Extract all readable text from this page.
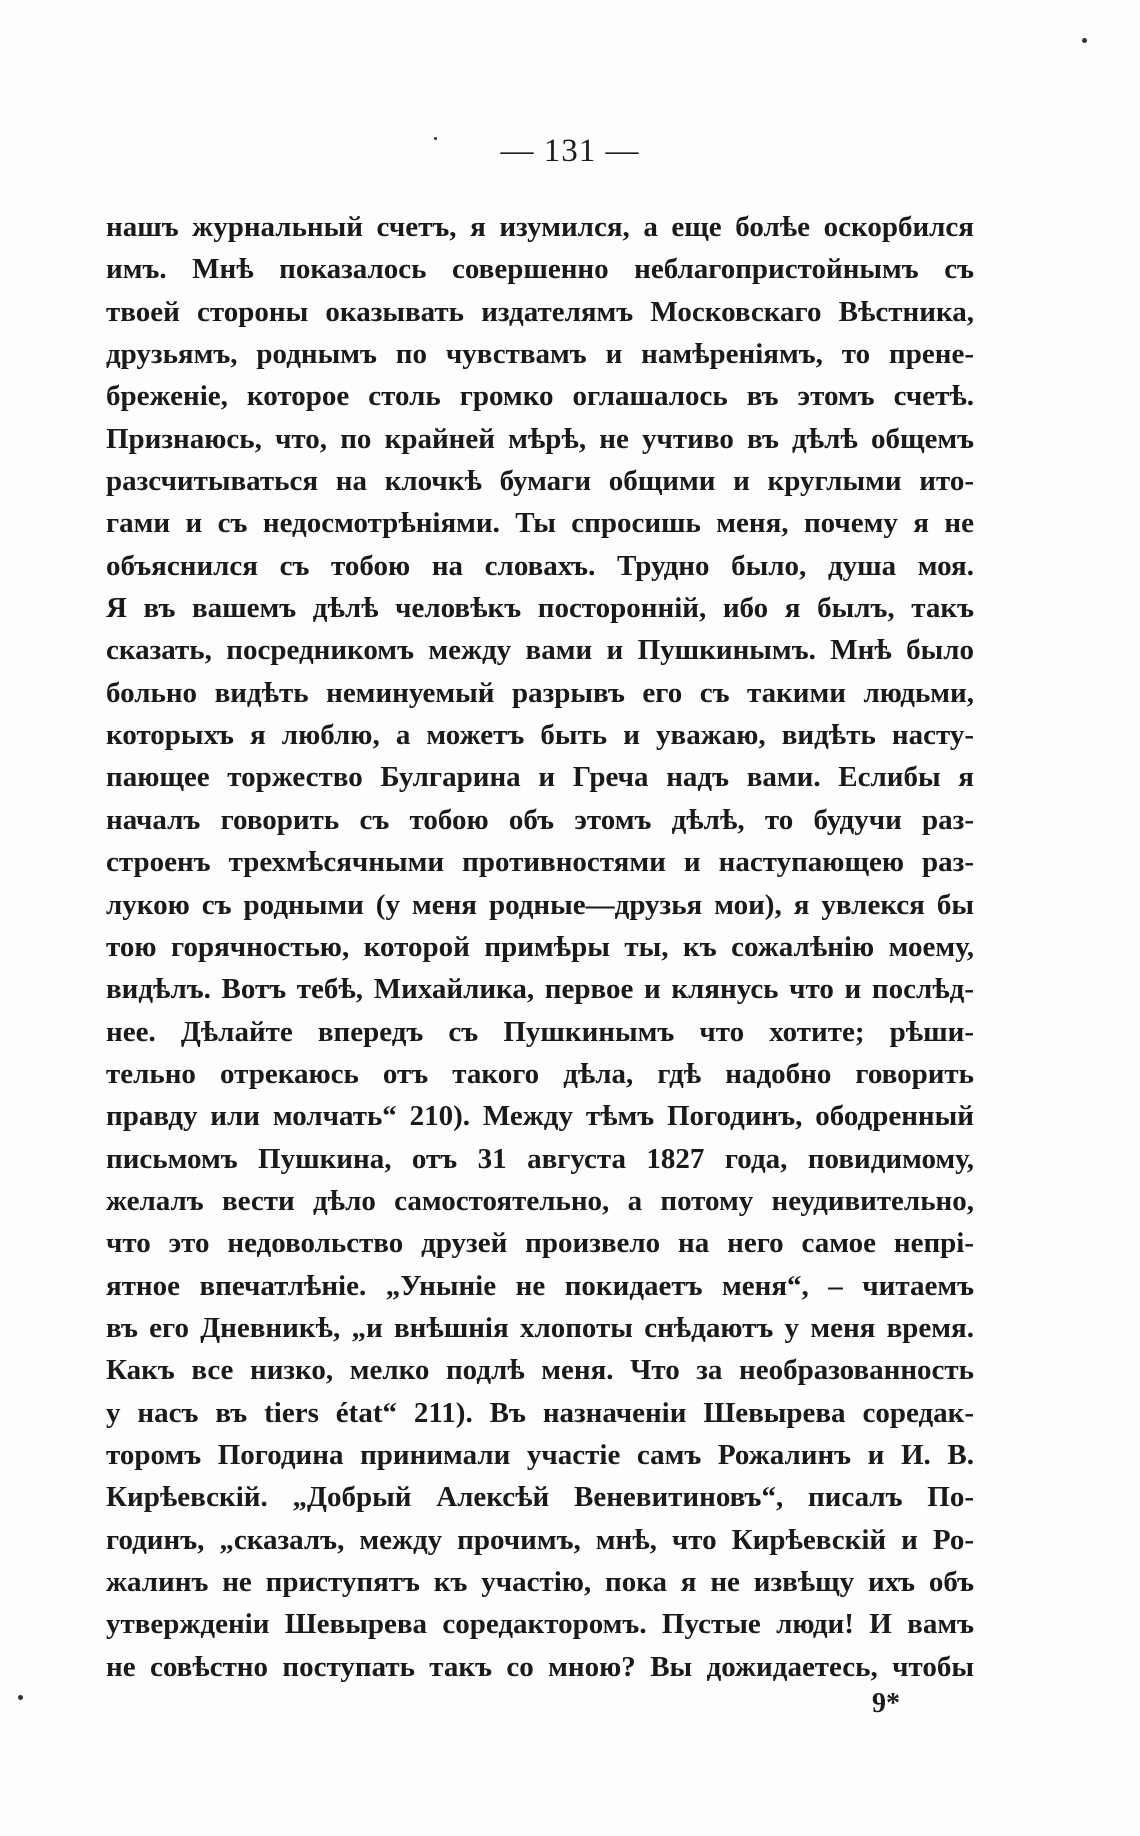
— 131 —
нашъ журнальный счетъ, я изумился, а еще болѣе оскорбился
имъ. Мнѣ показалось совершенно неблагопристойнымъ съ
твоей стороны оказывать издателямъ Московскаго Вѣстника,
друзьямъ, роднымъ по чувствамъ и намѣреніямъ, то прене-
бреженіе, которое столь громко оглашалось въ этомъ счетѣ.
Признаюсь, что, по крайней мѣрѣ, не учтиво въ дѣлѣ общемъ
разсчитываться на клочкѣ бумаги общими и круглыми ито-
гами и съ недосмотрѣніями. Ты спросишь меня, почему я не
объяснился съ тобою на словахъ. Трудно было, душа моя.
Я въ вашемъ дѣлѣ человѣкъ посторонній, ибо я былъ, такъ
сказать, посредникомъ между вами и Пушкинымъ. Мнѣ было
больно видѣть неминуемый разрывъ его съ такими людьми,
которыхъ я люблю, а можетъ быть и уважаю, видѣть насту-
пающее торжество Булгарина и Греча надъ вами. Еслибы я
началъ говорить съ тобою объ этомъ дѣлѣ, то будучи раз-
строенъ трехмѣсячными противностями и наступающею раз-
лукою съ родными (у меня родные—друзья мои), я увлекся бы
тою горячностью, которой примѣры ты, къ сожалѣнію моему,
видѣлъ. Вотъ тебѣ, Михайлика, первое и клянусь что и послѣд-
нее. Дѣлайте впередъ съ Пушкинымъ что хотите; рѣши-
тельно отрекаюсь отъ такого дѣла, гдѣ надобно говорить
правду или молчать“ 210). Между тѣмъ Погодинъ, ободренный
письмомъ Пушкина, отъ 31 августа 1827 года, повидимому,
желалъ вести дѣло самостоятельно, а потому неудивительно,
что это недовольство друзей произвело на него самое непрі-
ятное впечатлѣніе. „Уныніе не покидаетъ меня“, – читаемъ
въ его Дневникѣ, „и внѣшнія хлопоты снѣдаютъ у меня время.
Какъ все низко, мелко подлѣ меня. Что за необразованность
у насъ въ tiers état“ 211). Въ назначеніи Шевырева соредак-
торомъ Погодина принимали участіе самъ Рожалинъ и И. В.
Кирѣевскій. „Добрый Алексѣй Веневитиновъ“, писалъ По-
годинъ, „сказалъ, между прочимъ, мнѣ, что Кирѣевскій и Ро-
жалинъ не приступятъ къ участію, пока я не извѣщу ихъ объ
утвержденіи Шевырева соредакторомъ. Пустые люди! И вамъ
не совѣстно поступать такъ со мною? Вы дожидаетесь, чтобы
9*
